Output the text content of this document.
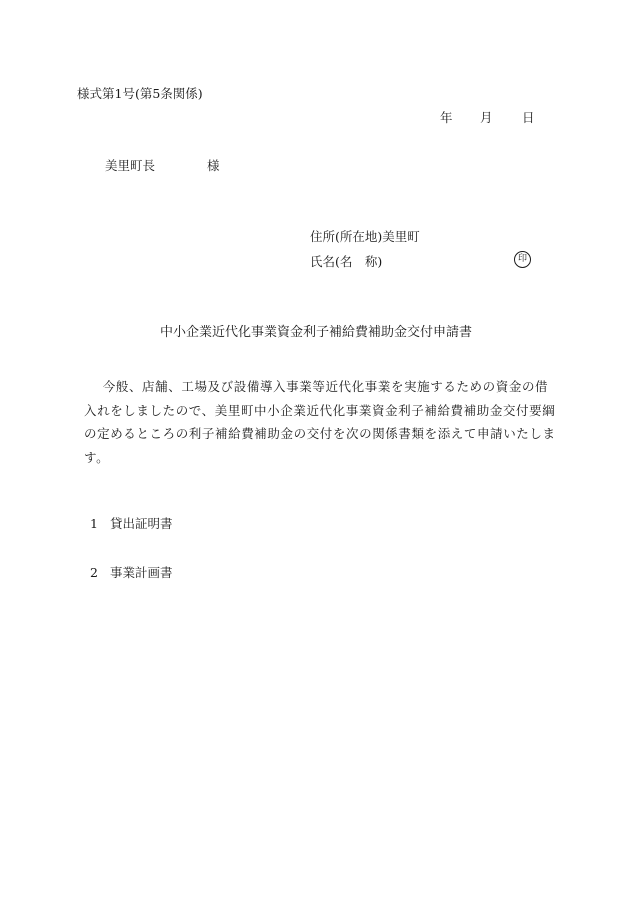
様式第1号(第5条関係)
年 月 日
美里町長	様
住所(所在地)美里町
氏名(名　称)	印
中小企業近代化事業資金利子補給費補助金交付申請書
今般、店舗、工場及び設備導入事業等近代化事業を実施するための資金の借入れをしましたので、美里町中小企業近代化事業資金利子補給費補助金交付要綱の定めるところの利子補給費補助金の交付を次の関係書類を添えて申請いたします。
1 貸出証明書
2 事業計画書
